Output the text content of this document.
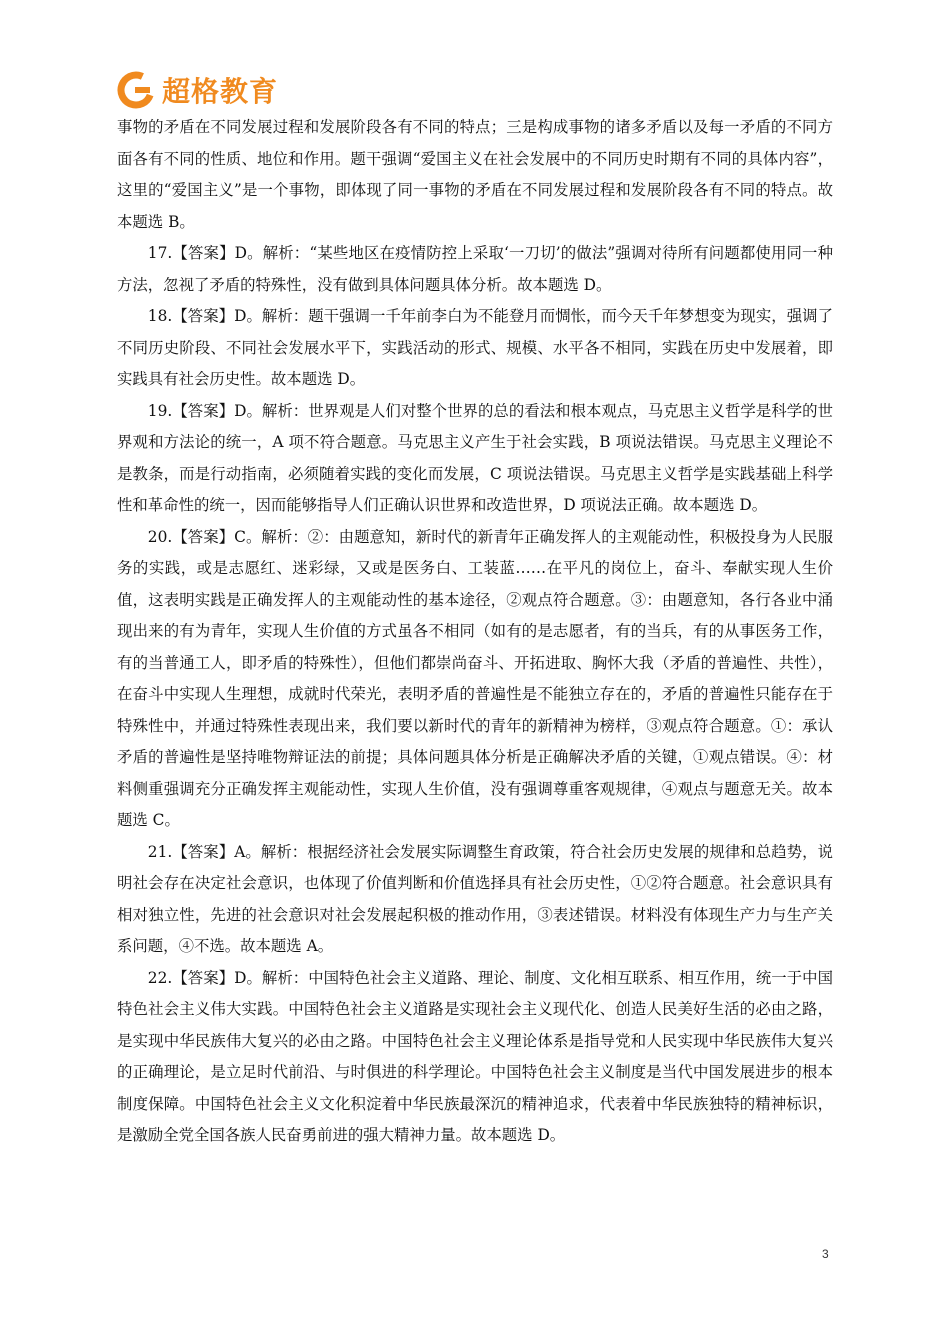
超格教育

事物的矛盾在不同发展过程和发展阶段各有不同的特点；三是构成事物的诸多矛盾以及每一矛盾的不同方面各有不同的性质、地位和作用。题干强调“爱国主义在社会发展中的不同历史时期有不同的具体内容”，这里的“爱国主义”是一个事物，即体现了同一事物的矛盾在不同发展过程和发展阶段各有不同的特点。故本题选 B。

17.【答案】D。解析：“某些地区在疫情防控上采取‘一刀切’的做法”强调对待所有问题都使用同一种方法，忽视了矛盾的特殊性，没有做到具体问题具体分析。故本题选 D。

18.【答案】D。解析：题干强调一千年前李白为不能登月而惆怅，而今天千年梦想变为现实，强调了不同历史阶段、不同社会发展水平下，实践活动的形式、规模、水平各不相同，实践在历史中发展着，即实践具有社会历史性。故本题选 D。

19.【答案】D。解析：世界观是人们对整个世界的总的看法和根本观点，马克思主义哲学是科学的世界观和方法论的统一，A 项不符合题意。马克思主义产生于社会实践，B 项说法错误。马克思主义理论不是教条，而是行动指南，必须随着实践的变化而发展，C 项说法错误。马克思主义哲学是实践基础上科学性和革命性的统一，因而能够指导人们正确认识世界和改造世界，D 项说法正确。故本题选 D。

20.【答案】C。解析：②：由题意知，新时代的新青年正确发挥人的主观能动性，积极投身为人民服务的实践，或是志愿红、迷彩绿，又或是医务白、工装蓝……在平凡的岗位上，奋斗、奉献实现人生价值，这表明实践是正确发挥人的主观能动性的基本途径，②观点符合题意。③：由题意知，各行各业中涌现出来的有为青年，实现人生价值的方式虽各不相同（如有的是志愿者，有的当兵，有的从事医务工作，有的当普通工人，即矛盾的特殊性），但他们都崇尚奋斗、开拓进取、胸怀大我（矛盾的普遍性、共性），在奋斗中实现人生理想，成就时代荣光，表明矛盾的普遍性是不能独立存在的，矛盾的普遍性只能存在于特殊性中，并通过特殊性表现出来，我们要以新时代的青年的新精神为榜样，③观点符合题意。①：承认矛盾的普遍性是坚持唯物辩证法的前提；具体问题具体分析是正确解决矛盾的关键，①观点错误。④：材料侧重强调充分正确发挥主观能动性，实现人生价值，没有强调尊重客观规律，④观点与题意无关。故本题选 C。

21.【答案】A。解析：根据经济社会发展实际调整生育政策，符合社会历史发展的规律和总趋势，说明社会存在决定社会意识，也体现了价值判断和价值选择具有社会历史性，①②符合题意。社会意识具有相对独立性，先进的社会意识对社会发展起积极的推动作用，③表述错误。材料没有体现生产力与生产关系问题，④不选。故本题选 A。

22.【答案】D。解析：中国特色社会主义道路、理论、制度、文化相互联系、相互作用，统一于中国特色社会主义伟大实践。中国特色社会主义道路是实现社会主义现代化、创造人民美好生活的必由之路，是实现中华民族伟大复兴的必由之路。中国特色社会主义理论体系是指导党和人民实现中华民族伟大复兴的正确理论，是立足时代前沿、与时俱进的科学理论。中国特色社会主义制度是当代中国发展进步的根本制度保障。中国特色社会主义文化积淀着中华民族最深沉的精神追求，代表着中华民族独特的精神标识，是激励全党全国各族人民奋勇前进的强大精神力量。故本题选 D。

3
